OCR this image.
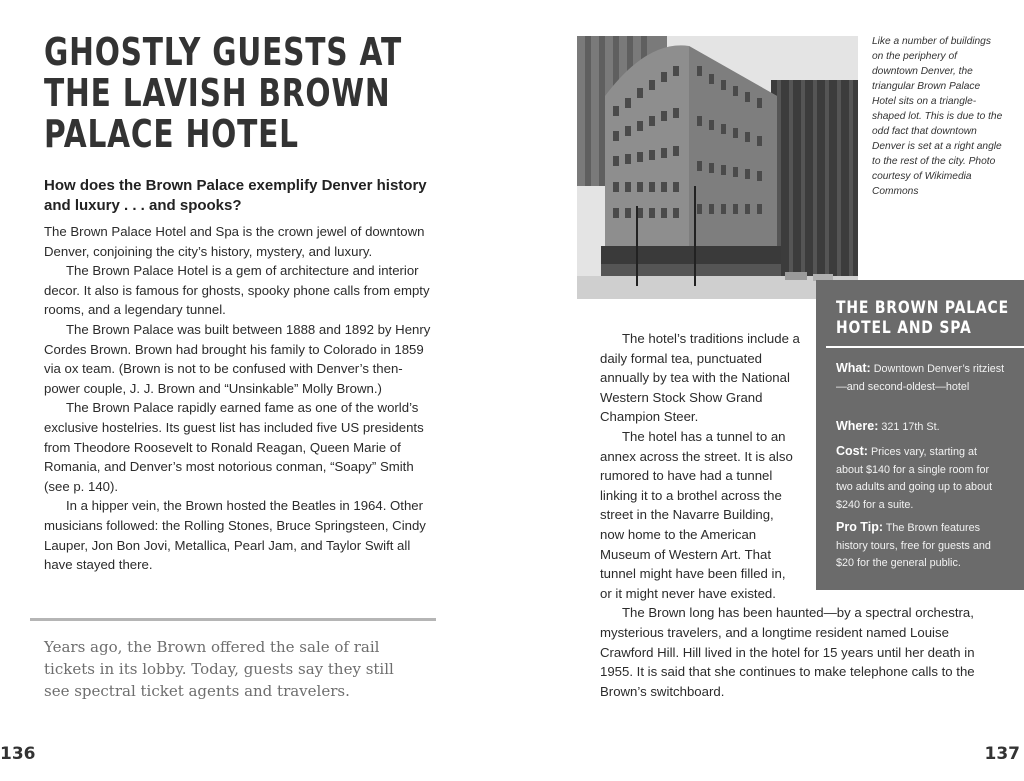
GHOSTLY GUESTS AT
THE LAVISH BROWN
PALACE HOTEL
How does the Brown Palace exemplify Denver history and luxury . . . and spooks?

The Brown Palace Hotel and Spa is the crown jewel of downtown Denver, conjoining the city’s history, mystery, and luxury.

The Brown Palace Hotel is a gem of architecture and interior decor. It also is famous for ghosts, spooky phone calls from empty rooms, and a legendary tunnel.

The Brown Palace was built between 1888 and 1892 by Henry Cordes Brown. Brown had brought his family to Colorado in 1859 via ox team. (Brown is not to be confused with Denver’s then-power couple, J. J. Brown and “Unsinkable” Molly Brown.)

The Brown Palace rapidly earned fame as one of the world’s exclusive hostelries. Its guest list has included five US presidents from Theodore Roosevelt to Ronald Reagan, Queen Marie of Romania, and Denver’s most notorious conman, “Soapy” Smith (see p. 140).

In a hipper vein, the Brown hosted the Beatles in 1964. Other musicians followed: the Rolling Stones, Bruce Springsteen, Cindy Lauper, Jon Bon Jovi, Metallica, Pearl Jam, and Taylor Swift all have stayed there.

Years ago, the Brown offered the sale of rail tickets in its lobby. Today, guests say they still see spectral ticket agents and travelers.

136

Like a number of buildings on the periphery of downtown Denver, the triangular Brown Palace Hotel sits on a triangle-shaped lot. This is due to the odd fact that downtown Denver is set at a right angle to the rest of the city. Photo courtesy of Wikimedia Commons

THE BROWN PALACE
HOTEL AND SPA

What: Downtown Denver’s ritziest—and second-oldest—hotel

Where: 321 17th St.

Cost: Prices vary, starting at about $140 for a single room for two adults and going up to about $240 for a suite.

Pro Tip: The Brown features history tours, free for guests and $20 for the general public.

The hotel’s traditions include a daily formal tea, punctuated annually by tea with the National Western Stock Show Grand Champion Steer.

The hotel has a tunnel to an annex across the street. It is also rumored to have had a tunnel linking it to a brothel across the street in the Navarre Building, now home to the American Museum of Western Art. That tunnel might have been filled in, or it might never have existed.

The Brown long has been haunted—by a spectral orchestra, mysterious travelers, and a longtime resident named Louise Crawford Hill. Hill lived in the hotel for 15 years until her death in 1955. It is said that she continues to make telephone calls to the Brown’s switchboard.

137
